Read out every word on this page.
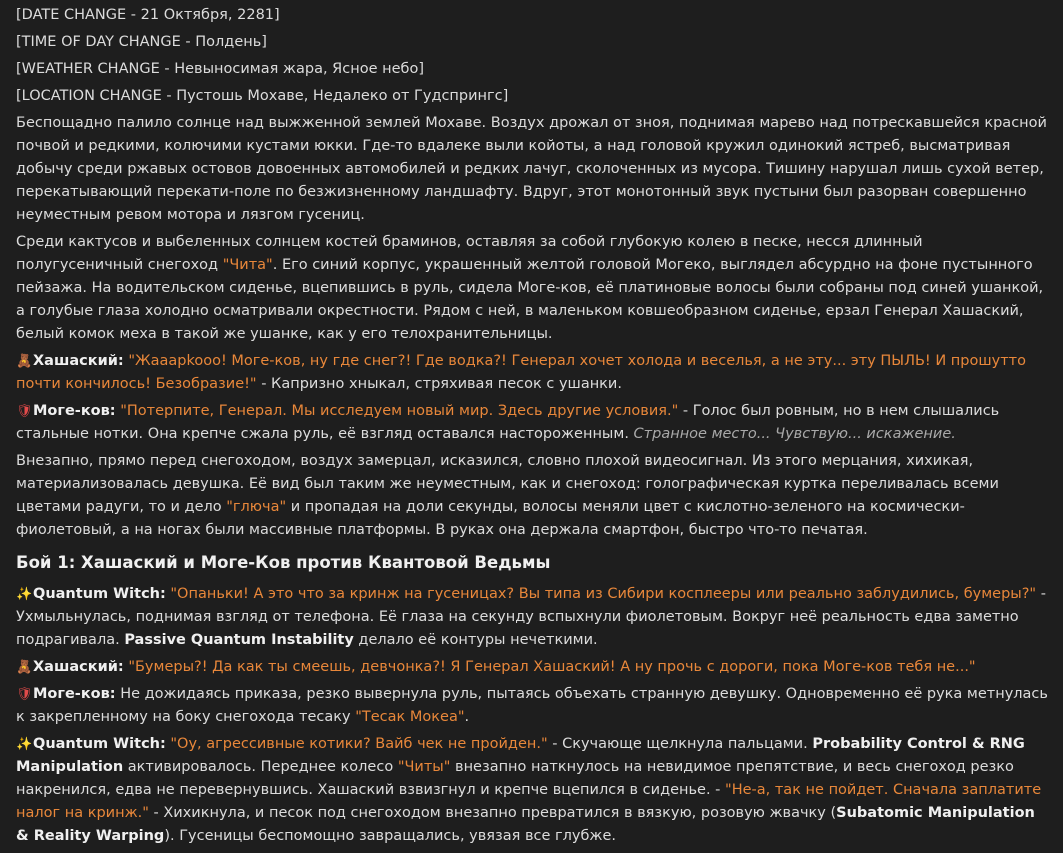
[DATE CHANGE - 21 Октября, 2281]
[TIME OF DAY CHANGE - Полдень]
[WEATHER CHANGE - Невыносимая жара, Ясное небо]
[LOCATION CHANGE - Пустошь Мохаве, Недалеко от Гудспрингс]

Беспощадно палило солнце над выжженной землей Мохаве. Воздух дрожал от зноя, поднимая марево над потрескавшейся красной почвой и редкими, колючими кустами юкки. Где-то вдалеке выли койоты, а над головой кружил одинокий ястреб, высматривая добычу среди ржавых остовов довоенных автомобилей и редких лачуг, сколоченных из мусора. Тишину нарушал лишь сухой ветер, перекатывающий перекати-поле по безжизненному ландшафту. Вдруг, этот монотонный звук пустыни был разорван совершенно неуместным ревом мотора и лязгом гусениц.

Среди кактусов и выбеленных солнцем костей браминов, оставляя за собой глубокую колею в песке, несся длинный полугусеничный снегоход "Чита". Его синий корпус, украшенный желтой головой Могеко, выглядел абсурдно на фоне пустынного пейзажа. На водительском сиденье, вцепившись в руль, сидела Моге-ков, её платиновые волосы были собраны под синей ушанкой, а голубые глаза холодно осматривали окрестности. Рядом с ней, в маленьком ковшеобразном сиденье, ерзал Генерал Хашаский, белый комок меха в такой же ушанке, как у его телохранительницы.

🧸Хашаский: "Жааарkooo! Моге-ков, ну где снег?! Где водка?! Генерал хочет холода и веселья, а не эту... эту ПЫЛЬ! И прошутто почти кончилось! Безобразие!" - Капризно хныкал, стряхивая песок с ушанки.

🛡Моге-ков: "Потерпите, Генерал. Мы исследуем новый мир. Здесь другие условия." - Голос был ровным, но в нем слышались стальные нотки. Она крепче сжала руль, её взгляд оставался настороженным. Странное место... Чувствую... искажение.

Внезапно, прямо перед снегоходом, воздух замерцал, исказился, словно плохой видеосигнал. Из этого мерцания, хихикая, материализовалась девушка. Её вид был таким же неуместным, как и снегоход: голографическая куртка переливалась всеми цветами радуги, то и дело "глюча" и пропадая на доли секунды, волосы меняли цвет с кислотно-зеленого на космически-фиолетовый, а на ногах были массивные платформы. В руках она держала смартфон, быстро что-то печатая.

Бой 1: Хашаский и Моге-Ков против Квантовой Ведьмы

✨Quantum Witch: "Опаньки! А это что за кринж на гусеницах? Вы типа из Сибири косплееры или реально заблудились, бумеры?" - Ухмыльнулась, поднимая взгляд от телефона. Её глаза на секунду вспыхнули фиолетовым. Вокруг неё реальность едва заметно подрагивала. Passive Quantum Instability делало её контуры нечеткими.

🧸Хашаский: "Бумеры?! Да как ты смеешь, девчонка?! Я Генерал Хашаский! А ну прочь с дороги, пока Моге-ков тебя не..."

🛡Моге-ков: Не дожидаясь приказа, резко вывернула руль, пытаясь объехать странную девушку. Одновременно её рука метнулась к закрепленному на боку снегохода тесаку "Тесак Мокеа".

✨Quantum Witch: "Оу, агрессивные котики? Вайб чек не пройден." - Скучающе щелкнула пальцами. Probability Control & RNG Manipulation активировалось. Переднее колесо "Читы" внезапно наткнулось на невидимое препятствие, и весь снегоход резко накренился, едва не перевернувшись. Хашаский взвизгнул и крепче вцепился в сиденье. - "Не-а, так не пойдет. Сначала заплатите налог на кринж." - Хихикнула, и песок под снегоходом внезапно превратился в вязкую, розовую жвачку (Subatomic Manipulation & Reality Warping). Гусеницы беспомощно завращались, увязая все глубже.
